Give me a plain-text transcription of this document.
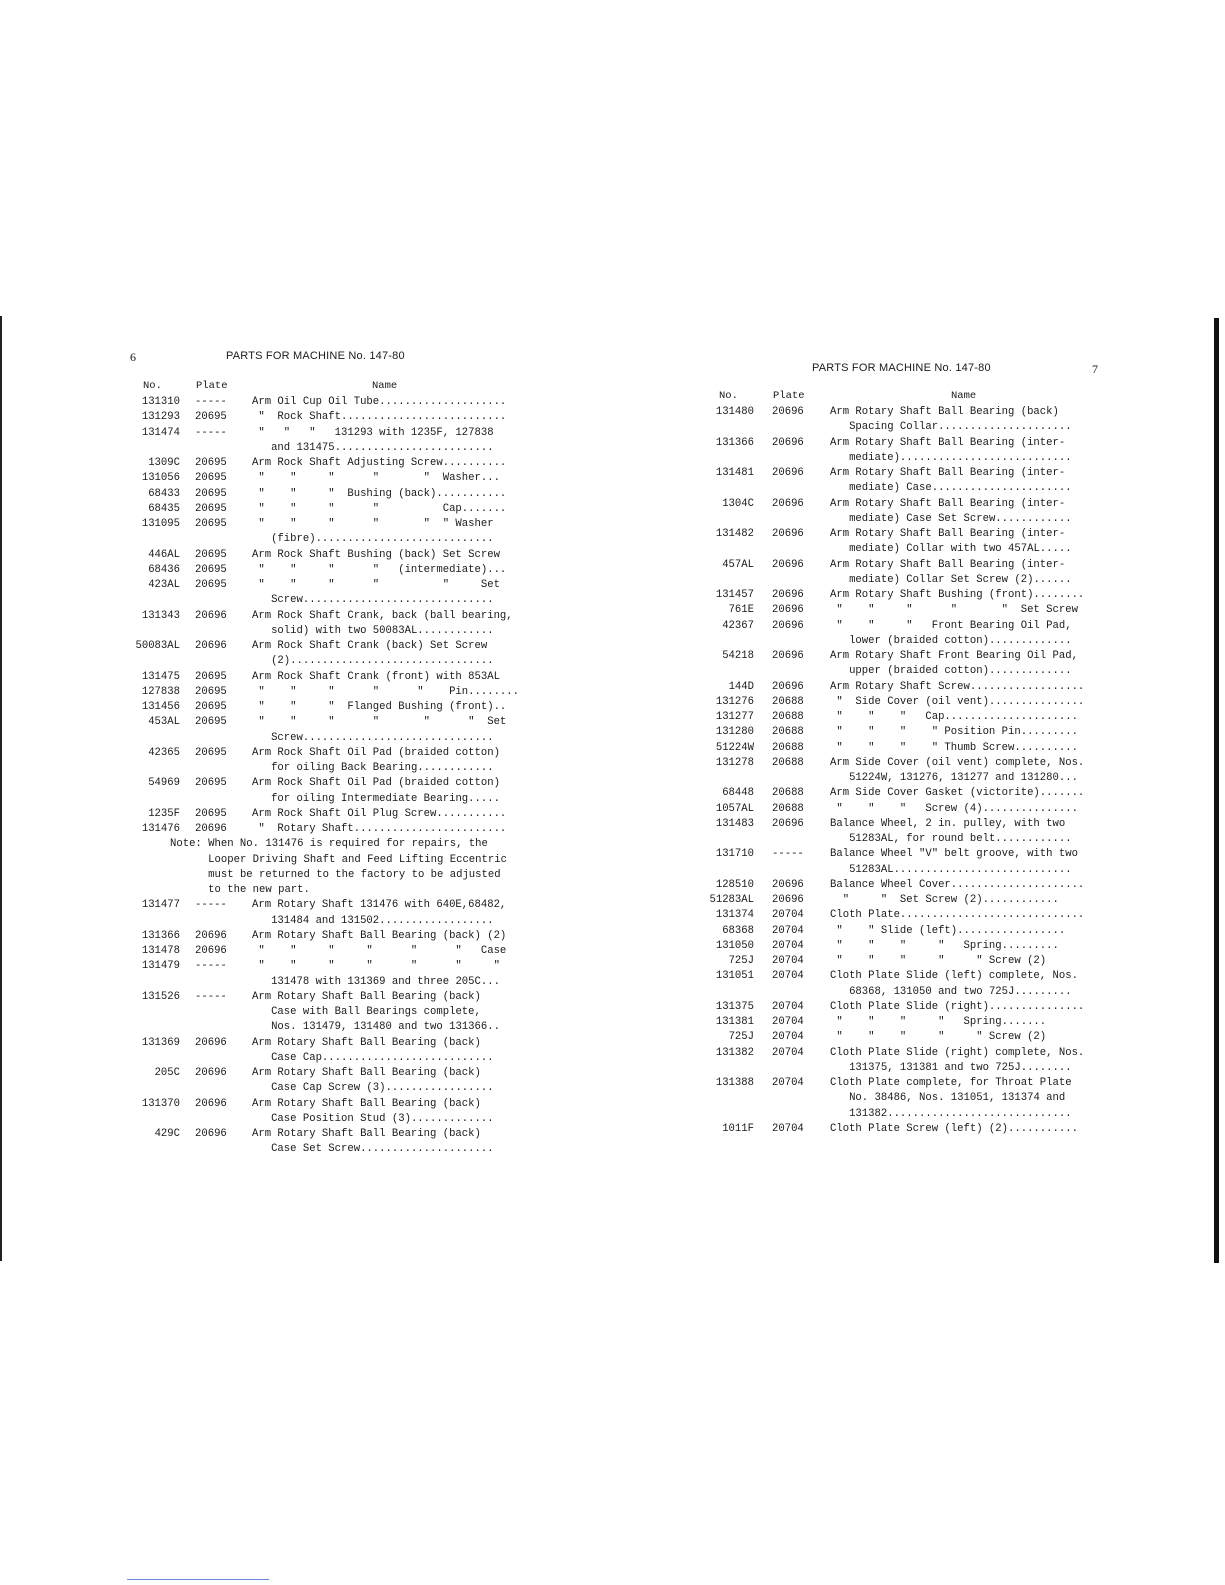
6	PARTS FOR MACHINE No. 147-80
No.	Plate	Name
131310 ----- Arm Oil Cup Oil Tube....................
131293 20695 "  Rock Shaft..........................
131474 -----	"   "   "   131293 with 1235F, 127838
and 131475.........................
1309C 20695 Arm Rock Shaft Adjusting Screw..........
131056 20695 "    "     "      "       "  Washer...
68433 20695 "    "     "  Bushing (back)...........
68435 20695 "    "     "      "          Cap.......
131095 20695	"    "     "      "       "  " Washer
(fibre)............................
446AL 20695 Arm Rock Shaft Bushing (back) Set Screw
68436 20695 "    "     "      "   (intermediate)...
423AL 20695	"    "     "      "          "     Set
Screw..............................
131343 20696 Arm Rock Shaft Crank, back (ball bearing,
solid) with two 50083AL............
50083AL 20696 Arm Rock Shaft Crank (back) Set Screw
(2)................................
131475 20695 Arm Rock Shaft Crank (front) with 853AL
127838 20695 "    "     "      "      "    Pin........
131456 20695 "    "     "  Flanged Bushing (front)..
453AL 20695	"    "     "      "       "      "  Set
Screw..............................
42365 20695 Arm Rock Shaft Oil Pad (braided cotton)
for oiling Back Bearing............
54969 20695 Arm Rock Shaft Oil Pad (braided cotton)
for oiling Intermediate Bearing.....
1235F 20695 Arm Rock Shaft Oil Plug Screw...........
131476 20696 "  Rotary Shaft........................
Note: When No. 131476 is required for repairs, the
Looper Driving Shaft and Feed Lifting Eccentric
must be returned to the factory to be adjusted
to the new part.
131477 ----- Arm Rotary Shaft 131476 with 640E,68482,
131484 and 131502..................
131366 20696 Arm Rotary Shaft Ball Bearing (back) (2)
131478 20696 "    "     "     "      "      "   Case
131479 -----	"    "     "     "      "      "     "
131478 with 131369 and three 205C...
131526 ----- Arm Rotary Shaft Ball Bearing (back)
Case with Ball Bearings complete,
Nos. 131479, 131480 and two 131366..
131369 20696 Arm Rotary Shaft Ball Bearing (back)
Case Cap...........................
205C 20696 Arm Rotary Shaft Ball Bearing (back)
Case Cap Screw (3).................
131370 20696 Arm Rotary Shaft Ball Bearing (back)
Case Position Stud (3).............
429C 20696 Arm Rotary Shaft Ball Bearing (back)
Case Set Screw.....................
PARTS FOR MACHINE No. 147-80	7
No.	Plate	Name
131480 20696 Arm Rotary Shaft Ball Bearing (back)
Spacing Collar.....................
131366 20696 Arm Rotary Shaft Ball Bearing (inter-
mediate)...........................
131481 20696 Arm Rotary Shaft Ball Bearing (inter-
mediate) Case......................
1304C 20696 Arm Rotary Shaft Ball Bearing (inter-
mediate) Case Set Screw............
131482 20696 Arm Rotary Shaft Ball Bearing (inter-
mediate) Collar with two 457AL.....
457AL 20696 Arm Rotary Shaft Ball Bearing (inter-
mediate) Collar Set Screw (2)......
131457 20696 Arm Rotary Shaft Bushing (front)........
761E 20696 "    "     "      "       "  Set Screw
42367 20696	"    "     "   Front Bearing Oil Pad,
lower (braided cotton).............
54218 20696 Arm Rotary Shaft Front Bearing Oil Pad,
upper (braided cotton).............
144D 20696 Arm Rotary Shaft Screw..................
131276 20688 "  Side Cover (oil vent)...............
131277 20688 "    "    "   Cap.....................
131280 20688 "    "    "    " Position Pin.........
51224W 20688 "    "    "    " Thumb Screw..........
131278 20688 Arm Side Cover (oil vent) complete, Nos.
51224W, 131276, 131277 and 131280...
68448 20688 Arm Side Cover Gasket (victorite).......
1057AL 20688 "    "    "   Screw (4)...............
131483 20696 Balance Wheel, 2 in. pulley, with two
51283AL, for round belt............
131710 ----- Balance Wheel "V" belt groove, with two
51283AL............................
128510 20696 Balance Wheel Cover.....................
51283AL 20696 "     "  Set Screw (2)............
131374 20704 Cloth Plate.............................
68368 20704 "    " Slide (left).................
131050 20704 "    "    "     "   Spring.........
725J 20704 "    "    "     "     " Screw (2)
131051 20704 Cloth Plate Slide (left) complete, Nos.
68368, 131050 and two 725J.........
131375 20704 Cloth Plate Slide (right)...............
131381 20704 "    "    "     "   Spring.......
725J 20704 "    "    "     "     " Screw (2)
131382 20704 Cloth Plate Slide (right) complete, Nos.
131375, 131381 and two 725J........
131388 20704 Cloth Plate complete, for Throat Plate
No. 38486, Nos. 131051, 131374 and
131382.............................
1011F 20704 Cloth Plate Screw (left) (2)...........
